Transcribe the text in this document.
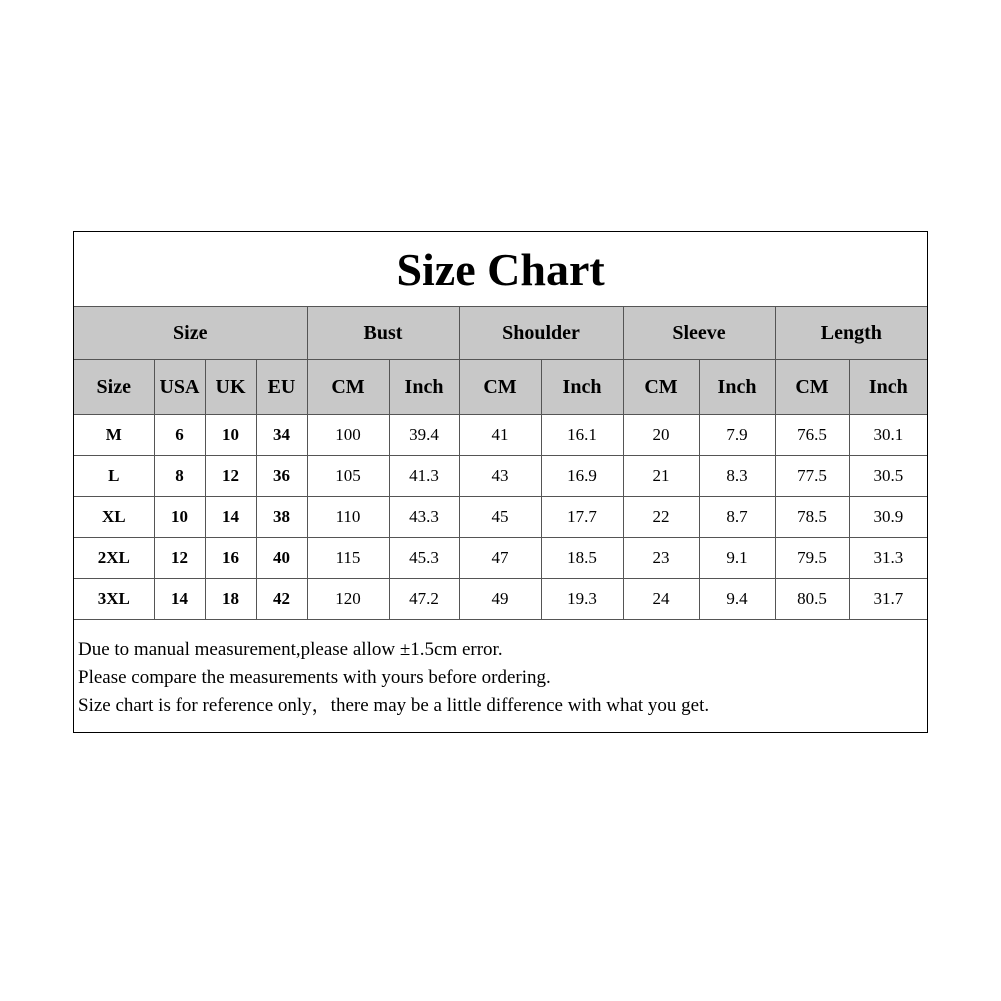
Size Chart											
Size				Bust		Shoulder		Sleeve		Length	
Size	USA	UK	EU	CM	Inch	CM	Inch	CM	Inch	CM	Inch
M	6	10	34	100	39.4	41	16.1	20	7.9	76.5	30.1
L	8	12	36	105	41.3	43	16.9	21	8.3	77.5	30.5
XL	10	14	38	110	43.3	45	17.7	22	8.7	78.5	30.9
2XL	12	16	40	115	45.3	47	18.5	23	9.1	79.5	31.3
3XL	14	18	42	120	47.2	49	19.3	24	9.4	80.5	31.7

Due to manual measurement,please allow ±1.5cm error.

Please compare the measurements with yours before ordering.

Size chart is for reference only，there may be a little difference with what you get.											
